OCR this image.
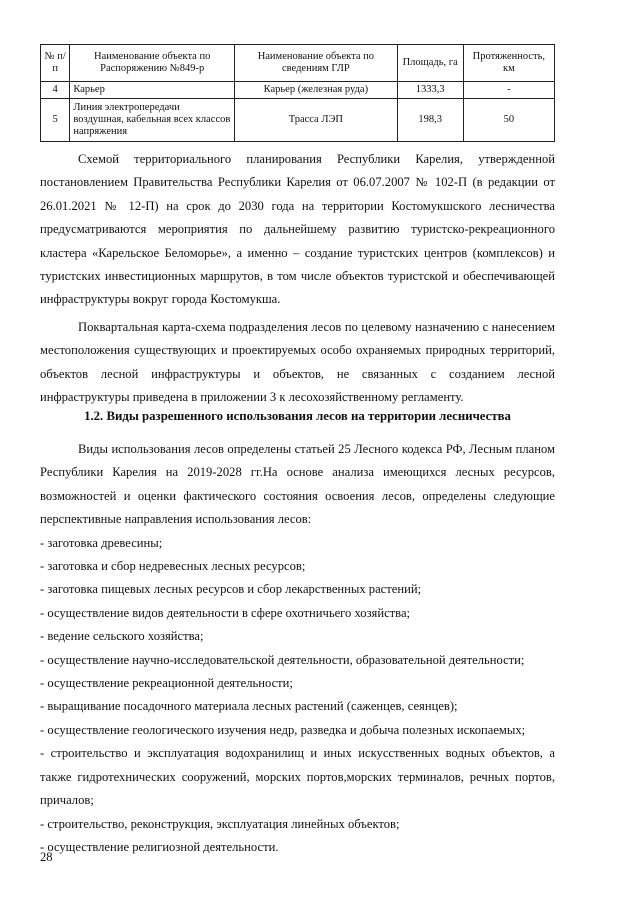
№ п/п	Наименование объекта по Распоряжению №849-р	Наименование объекта по сведениям ГЛР	Площадь, га	Протяженность, км
4	Карьер	Карьер (железная руда)	1333,3	-
5	Линия электропередачи воздушная, кабельная всех классов напряжения	Трасса ЛЭП	198,3	50

Схемой территориального планирования Республики Карелия, утвержденной постановлением Правительства Республики Карелия от 06.07.2007 № 102-П (в редакции от 26.01.2021 № 12-П) на срок до 2030 года на территории Костомукшского лесничества предусматриваются мероприятия по дальнейшему развитию туристско-рекреационного кластера «Карельское Беломорье», а именно – создание туристских центров (комплексов) и туристских инвестиционных маршрутов, в том числе объектов туристской и обеспечивающей инфраструктуры вокруг города Костомукша.

Поквартальная карта-схема подразделения лесов по целевому назначению с нанесением местоположения существующих и проектируемых особо охраняемых природных территорий, объектов лесной инфраструктуры и объектов, не связанных с созданием лесной инфраструктуры приведена в приложении 3 к лесохозяйственному регламенту.

1.2. Виды разрешенного использования лесов на территории лесничества

Виды использования лесов определены статьей 25 Лесного кодекса РФ, Лесным планом Республики Карелия на 2019-2028 гг.На основе анализа имеющихся лесных ресурсов, возможностей и оценки фактического состояния освоения лесов, определены следующие перспективные направления использования лесов:

- заготовка древесины;
- заготовка и сбор недревесных лесных ресурсов;
- заготовка пищевых лесных ресурсов и сбор лекарственных растений;
- осуществление видов деятельности в сфере охотничьего хозяйства;
- ведение сельского хозяйства;
- осуществление научно-исследовательской деятельности, образовательной деятельности;
- осуществление рекреационной деятельности;
- выращивание посадочного материала лесных растений (саженцев, сеянцев);
- осуществление геологического изучения недр, разведка и добыча полезных ископаемых;
- строительство и эксплуатация водохранилищ и иных искусственных водных объектов, а также гидротехнических сооружений, морских портов,морских терминалов, речных портов, причалов;
- строительство, реконструкция, эксплуатация линейных объектов;
- осуществление религиозной деятельности.
28
